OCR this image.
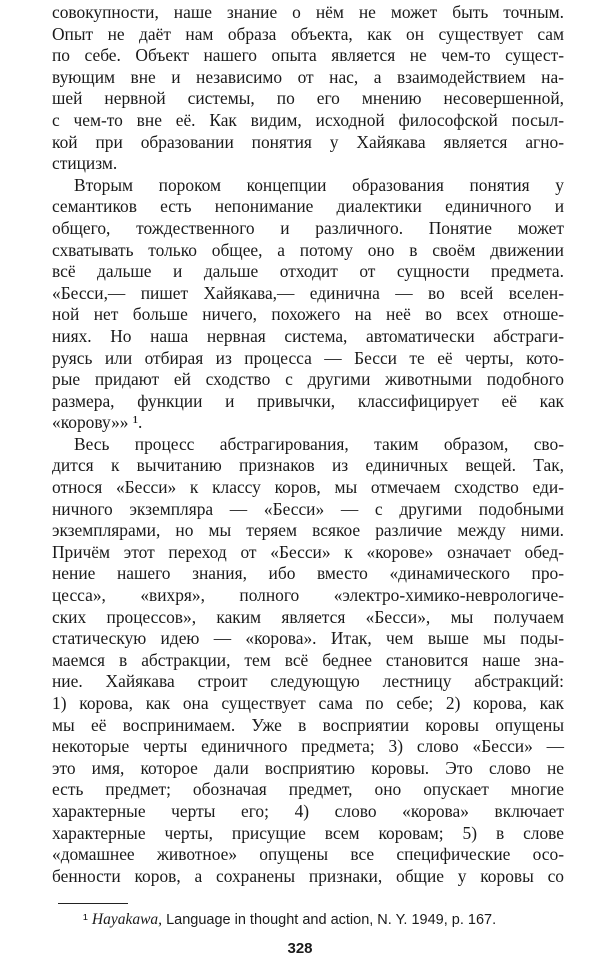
совокупности, наше знание о нём не может быть точным.
Опыт не даёт нам образа объекта, как он существует сам
по себе. Объект нашего опыта является не чем-то сущест-
вующим вне и независимо от нас, а взаимодействием на-
шей нервной системы, по его мнению несовершенной,
с чем-то вне её. Как видим, исходной философской посыл-
кой при образовании понятия у Хайякава является агно-
стицизм.
Вторым пороком концепции образования понятия у
семантиков есть непонимание диалектики единичного и
общего, тождественного и различного. Понятие может
схватывать только общее, а потому оно в своём движении
всё дальше и дальше отходит от сущности предмета.
«Бесси,— пишет Хайякава,— единична — во всей вселен-
ной нет больше ничего, похожего на неё во всех отноше-
ниях. Но наша нервная система, автоматически абстраги-
руясь или отбирая из процесса — Бесси те её черты, кото-
рые придают ей сходство с другими животными подобного
размера, функции и привычки, классифицирует её как
«корову»» ¹.
Весь процесс абстрагирования, таким образом, сво-
дится к вычитанию признаков из единичных вещей. Так,
относя «Бесси» к классу коров, мы отмечаем сходство еди-
ничного экземпляра — «Бесси» — с другими подобными
экземплярами, но мы теряем всякое различие между ними.
Причём этот переход от «Бесси» к «корове» означает обед-
нение нашего знания, ибо вместо «динамического про-
цесса», «вихря», полного «электро-химико-неврологиче-
ских процессов», каким является «Бесси», мы получаем
статическую идею — «корова». Итак, чем выше мы поды-
маемся в абстракции, тем всё беднее становится наше зна-
ние. Хайякава строит следующую лестницу абстракций:
1) корова, как она существует сама по себе; 2) корова, как
мы её воспринимаем. Уже в восприятии коровы опущены
некоторые черты единичного предмета; 3) слово «Бесси» —
это имя, которое дали восприятию коровы. Это слово не
есть предмет; обозначая предмет, оно опускает многие
характерные черты его; 4) слово «корова» включает
характерные черты, присущие всем коровам; 5) в слове
«домашнее животное» опущены все специфические осо-
бенности коров, а сохранены признаки, общие у коровы со
¹ Hayakawa, Language in thought and action, N. Y. 1949, p. 167.
328
